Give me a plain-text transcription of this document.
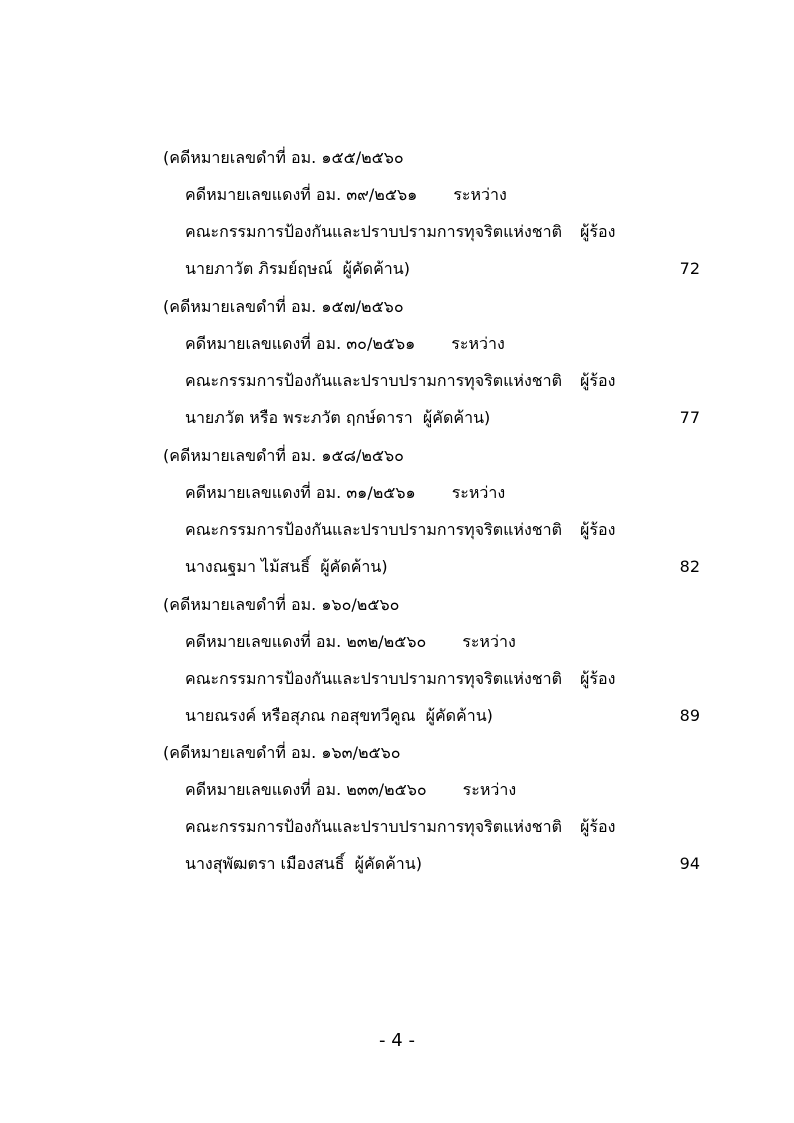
(คดีหมายเลขดำที่ อม. ๑๕๕/๒๕๖๐
คดีหมายเลขแดงที่ อม. ๓๙/๒๕๖๑ ระหว่าง
คณะกรรมการป้องกันและปราบปรามการทุจริตแห่งชาติ ผู้ร้อง
นายภาวัต ภิรมย์ฤษณ์  ผู้คัดค้าน)	72
(คดีหมายเลขดำที่ อม. ๑๕๗/๒๕๖๐
คดีหมายเลขแดงที่ อม. ๓๐/๒๕๖๑ ระหว่าง
คณะกรรมการป้องกันและปราบปรามการทุจริตแห่งชาติ ผู้ร้อง
นายภวัต หรือ พระภวัต ฤกษ์ดารา  ผู้คัดค้าน)	77
(คดีหมายเลขดำที่ อม. ๑๕๘/๒๕๖๐
คดีหมายเลขแดงที่ อม. ๓๑/๒๕๖๑ ระหว่าง
คณะกรรมการป้องกันและปราบปรามการทุจริตแห่งชาติ ผู้ร้อง
นางณฐมา ไม้สนธิ์  ผู้คัดค้าน)	82
(คดีหมายเลขดำที่ อม. ๑๖๐/๒๕๖๐
คดีหมายเลขแดงที่ อม. ๒๓๒/๒๕๖๐ ระหว่าง
คณะกรรมการป้องกันและปราบปรามการทุจริตแห่งชาติ ผู้ร้อง
นายณรงค์ หรือสุภณ กอสุขทวีคูณ  ผู้คัดค้าน)	89
(คดีหมายเลขดำที่ อม. ๑๖๓/๒๕๖๐
คดีหมายเลขแดงที่ อม. ๒๓๓/๒๕๖๐ ระหว่าง
คณะกรรมการป้องกันและปราบปรามการทุจริตแห่งชาติ ผู้ร้อง
นางสุพัฒตรา เมืองสนธิ์  ผู้คัดค้าน)	94
- 4 -
